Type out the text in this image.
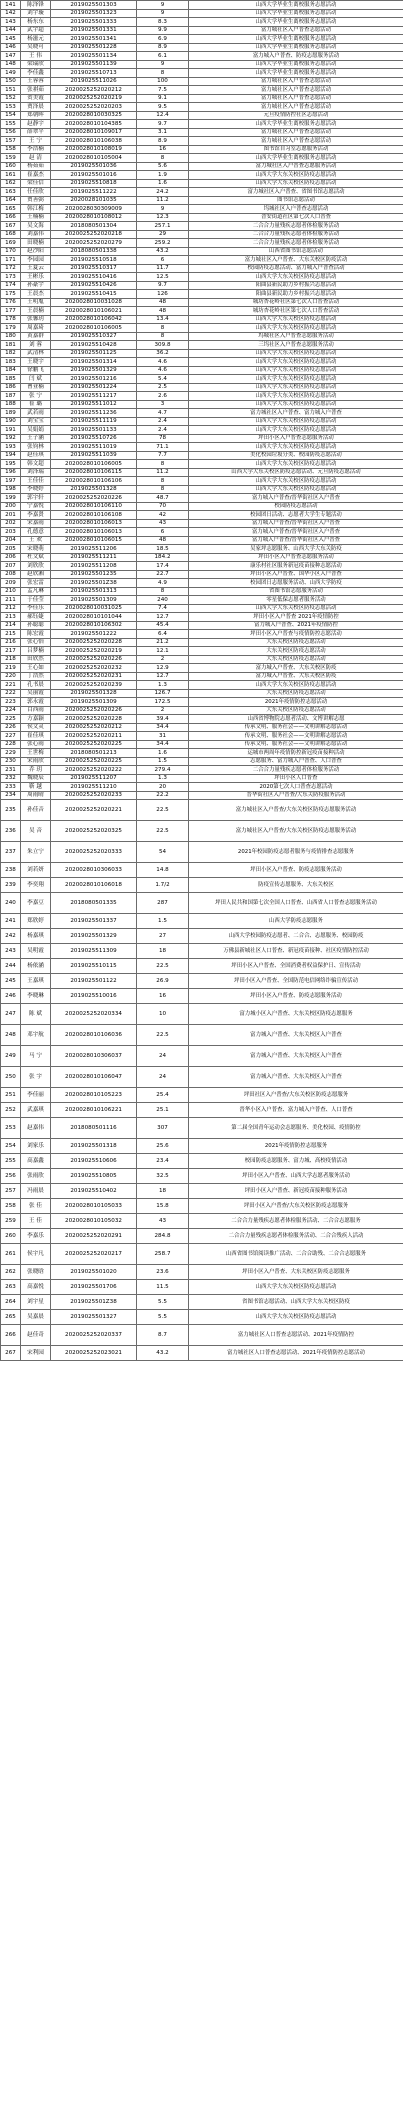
141	陈泽锋	2019025501303	9	山西大学毕业生离校服务志愿活动
142	刘宇璇	2019025501323	9	山西大学毕业生离校服务志愿活动
143	杨东东	2019025501333	8.3	山西大学毕业生离校服务志愿活动
144	武宇超	2019025501331	9.9	富力城社区入户普查志愿活动
145	杨滋元	2019025501341	6.9	山西大学毕业生离校服务志愿活动
146	吴晓可	2019025501228	8.9	山西大学毕业生离校服务志愿活动
147	王 伟	2019025501134	6.1	富力城入户普查、防疫志愿服务活动
148	梁瑞欣	2019025501139	9	山西大学毕业生离校服务志愿活动
149	李佳鑫	2019025510713	8	山西大学毕业生离校服务志愿活动
150	王蓉蓉	2019025511026	100	富力城社区入户普查志愿活动
151	张祺茹	2020025252020212	7.5	富力城社区入户普查志愿活动
152	贺美霞	2020025252020219	9.1	富力城社区入户普查志愿活动
153	贾泽晨	2020025252020203	9.5	富力城社区入户普查志愿活动
154	郑朝晖	2020028010030325	12.4	元旦疫情防控社区志愿活动
155	赵静宇	2020028010104385	9.7	山西大学毕业生离校服务志愿活动
156	薛翠平	2020028010109017	3.1	富力城社区入户普查志愿活动
157	王 宁	2020028010106038	8.9	富力城社区入户普查志愿活动
158	李浩楠	2020028010108019	16	图书馆自习室志愿服务活动
159	赵 清	2020028010105004	8	山西大学毕业生离校服务志愿活动
160	杨茹茹	2019025501036	5.6	富力城社区入户普查志愿服务活动
161	崔嘉杰	2019025501016	1.9	山西大学大东关校区防疫志愿活动
162	梁佳信	2019025510818	1.6	山西大学大东关校区防疫志愿活动
163	任佳欣	2019025511222	24.2	富力城社区入户普查、省图书馆志愿活动
164	贾善弼	2020028101035	11.2	图书馆志愿活动
165	韩江梅	2020028030309009	9	坞城社区入户普查志愿活动
166	王楠楠	2020028010108012	12.3	晋安街道社区第七次人口普查
167	吴文海	2018080501304	257.1	二合合力量残疾志愿者体检服务活动
168	刘嘉伟	2020025252020218	29	二合合力量残疾志愿者体检服务活动
169	田晓楠	2020025252020279	259.2	二合合力量残疾志愿者体检服务活动
170	赵沙阳	2018080501338	43.2	山西省图书馆志愿活动
171	李园园	2019025510518	6	富力城社区入户普查、大东关校区防疫活动
172	王夏云	2019025510317	11.7	校园防疫志愿活动、富力城入户普查活动
173	王彬乐	2019025510416	12.5	山西大学大东关校区防疫志愿活动
174	孙豪宇	2019025510426	9.7	阳曲县新民助力乡村振兴志愿活动
175	王晨杰	2019025510415	126	阳曲县新民助力乡村振兴志愿活动
176	王明胤	2020028010031028	48	城坊杏花岭社区第七次人口普查活动
177	王晨楠	2020028010106021	48	城坊杏花岭社区第七次人口普查活动
178	张馨玥	2020028010106042	13.4	山西大学大东关校区防疫志愿活动
179	周嘉琦	2020028010106005	8	山西大学大东关校区防疫志愿活动
180	黄嘉群	2019025510327	8	坞城社区入户普查志愿服务活动
181	刘 蓉	2019025510428	309.8	三坞社区入户普查志愿服务活动
182	武清林	2019025501125	36.2	山西大学大东关校区防疫志愿活动
183	王晓宇	2019025501314	4.6	山西大学大东关校区防疫志愿活动
184	徐鹏飞	2019025501329	4.6	山西大学大东关校区防疫志愿活动
185	闫 斌	2019025501216	5.4	山西大学大东关校区防疫志愿活动
186	曹亚楠	2019025501224	2.5	山西大学大东关校区防疫志愿活动
187	张 宁	2019025511217	2.6	山西大学大东关校区防疫志愿活动
188	崔 璐	2019025511012	3	山西大学大东关校区防疫志愿活动
189	武若雨	2019025511236	4.7	富力城社区入户普查、富力城入户普查
190	刘宝宝	2019025511119	2.4	山西大学大东关校区防疫志愿活动
191	吴娟娟	2019025501133	2.4	山西大学大东关校区防疫志愿活动
192	王子涵	2019025510726	78	坪田小区入户普查志愿服务活动
193	张钧林	2019025511019	71.1	山西大学大东关校区防疫志愿活动
194	赵佳琪	2019025511039	7.7	美化校园垃圾分类、校园防疫志愿活动
195	韩文超	2020028010106005	8	山西大学大东关校区防疫志愿活动
196	刘泽瑞	2020028010106115	11.2	山西大学大东关校区防疫志愿活动、元旦防疫志愿活动
197	王佳佳	2020028010106106	8	山西大学大东关校区防疫志愿活动
198	李晓婷	2019025501328	8	山西大学大东关校区防疫志愿活动
199	郭宇轩	2020025252020226	48.7	富力城入户普查/晋华街社区入户普查
200	宁嘉悦	2020028010106110	70	校园防疫志愿活动
201	李嘉贤	2020028010106108	42	校园团日活动、志愿者大学生专题活动
202	宋嘉雨	2020028010106013	43	富力城入户普查/晋华街社区入户普查
203	孔德意	2020028010106013	6	富力城入户普查/晋华街社区入户普查
204	王 欢	2020028010106015	48	富力城入户普查/晋华街社区入户普查
205	宋晓萌	2019025511206	18.5	吴家坪志愿服务、山西大学大东关防疫
206	杜文斌	2019025511211	184.2	坪田小区入户普查志愿服务活动
207	刘欣欣	2019025511208	17.4	康乐村社区服务新冠疫苗接种志愿活动
208	赵欣湘	2019025501235	22.7	坪田小区入户普查、国华小区入户普查
209	张宏雷	2019025501Z38	4.9	校园团日志愿服务活动、山西大学防疫
210	孟凡琳	2019025501313	8	省图书馆志愿服务活动
211	于佳莹	2019025501309	240	零星低保志愿者服务活动
212	李佳乐	2020028010031025	7.4	山西大学大东关校区防疫志愿活动
213	郝钰婕	2020028010101044	12.7	坪田小区入户普查 2021年疫情防控
214	孙聪聪	2020028010106302	45.4	富力城入户普查、2021年疫情防控
215	陈宏霞	2019025501222	6.4	坪田小区入户普查与疫情防控志愿活动
216	张心怡	2020025252020228	21.2	大东关校区防疫志愿活动
217	吕梦楠	2020025252020219	12.1	大东关校区防疫志愿活动
218	田欣然	2020025252020226	2	大东关校区防疫志愿活动
219	王心如	2020025252020232	12.9	富力城入户普查、大东关校区防疫
220	丁浩然	2020025252020231	12.7	富力城入户普查、大东关校区防疫
221	孔书晨	2020025252020239	1.3	山西大学大东关校区防疫志愿活动
222	吴丽霞	2019025501328	126.7	大东关校区防疫志愿活动
223	郭永霞	2019025501309	172.5	2021年疫情防控志愿活动
224	白西雨	2020025252020226	2	大东关校区防疫志愿活动
225	方嘉颖	2020025252020228	39.4	山西省博物院志愿者活动、文博讲解志愿
226	侯文灵	2020025252020212	34.4	传承文明、服务社会——文明讲解志愿活动
227	崔佳琪	2020025252020211	31	传承文明、服务社会——文明讲解志愿活动
228	张心雨	2020025252020225	34.4	传承文明、服务社会——文明讲解志愿活动
229	王世梅	2018080501213	1.6	运城市两周年疫情防控新冠疫苗接种活动
230	宋雨欣	2020025252020225	1.5	志愿服务、富力城入户普查、人口普查
231	乔 玥	2020025252020222	279.4	二合合力量残疾志愿者体检服务活动
232	魏晓辰	2019025511207	1.3	坪田小区人口普查
233	靳 越	2019025511210	20	2020第七次人口普查志愿活动
234	周雨晴	2020025252020233	22.2	晋华街社区入户普查/大东关防疫服务活动
235	孙佳音	2020025252020221	22.5	富力城社区入户普查/大东关校区防疫志愿服务活动
236	吴 音	2020025252020325	22.5	富力城社区入户普查/大东关校区防疫志愿服务活动
237	朱立宁	2020025252020333	54	2021年校园防疫志愿者服务与疫情排查志愿服务
238	刘若妍	2020028010306033	14.8	坪田小区入户普查、防疫志愿服务活动
239	李奕翔	2020028010106018	1.7/2	防疫宣传志愿服务、大东关校区
240	李嘉豆	2018080501335	287	坪田人民共和国第七次全国人口普查、山西省人口普查志愿服务活动
241	郑欣婷	2019025501337	1.5	山西大学防疫志愿服务
242	杨嘉琪	2019025501329	27	山西大学校园防疫志愿者、二合合、志愿服务、校园防疫
243	吴明霞	2019025511309	18	万佛县新城社区人口普查、新冠疫苗接种、社区疫情防控活动
244	杨依涵	2019025510115	22.5	坪田小区入户普查、全国消费者权益保护日、宣传活动
245	王嘉琪	2019025501122	26.9	坪田小区入户普查、全国防范电信网络诈骗宣传活动
246	李晓琳	2019025510016	16	坪田小区入户普查、防疫志愿服务活动
247	陈 斌	2020025252020334	10	富力城小区入户普查、大东关校区防疫志愿服务
248	邓宇航	2020028010106036	22.5	富力城入户普查、大东关校区入户普查
249	马 宁	2020028010306037	24	富力城入户普查、大东关校区入户普查
250	张 宇	2020028010106047	24	富力城入户普查、大东关校区入户普查
251	李佳丽	2020028010105223	25.4	坪田社区入户普查/大东关校区防疫志愿服务
252	武嘉琪	2020028010106221	25.1	晋华小区入户普查、富力城入户普查、人口普查
253	赵嘉伟	2018080501116	307	第二届全国青年运动会志愿服务、美化校园、疫情防控
254	刘家乐	2019025501318	25.6	2021年疫情防控志愿服务
255	高嘉鑫	2019025510606	23.4	校园防疫志愿服务、富力城、高校疫情活动
256	张雨欣	2019025510805	32.5	坪田小区入户普查、山西大学志愿者服务活动
257	冯雨晨	2019025510402	18	坪田小区入户普查、新冠疫苗接种服务活动
258	张 佳	2020028010105033	15.8	坪田小区入户普查/大东关校区防疫志愿服务
259	王 佳	2020028010105032	43	二合合力量残疾志愿者体检服务活动、二合合志愿服务
260	李嘉乐	2020025252020291	284.8	二合合力量残疾志愿者体检服务活动、二合合残疾人活动
261	侯宇凡	2020025252020217	258.7	山西省图书馆阅读推广活动、二合合助残、二合合志愿服务
262	张晓晗	2019025501020	23.6	坪田小区入户普查、大东关校区防疫志愿服务
263	高嘉悦	2019025501706	11.5	山西大学大东关校区防疫志愿活动
264	刘宇星	2019025501Z38	5.5	省图书馆志愿活动、山西大学大东关校区防疫
265	吴嘉晨	2019025501327	5.5	山西大学大东关校区防疫志愿活动
266	赵佳奇	2020025252020337	8.7	富力城社区人口普查志愿活动、2021年疫情防控
267	宋利园	2020025252023021	43.2	富力城社区人口普查志愿活动、2021年疫情防控志愿活动
